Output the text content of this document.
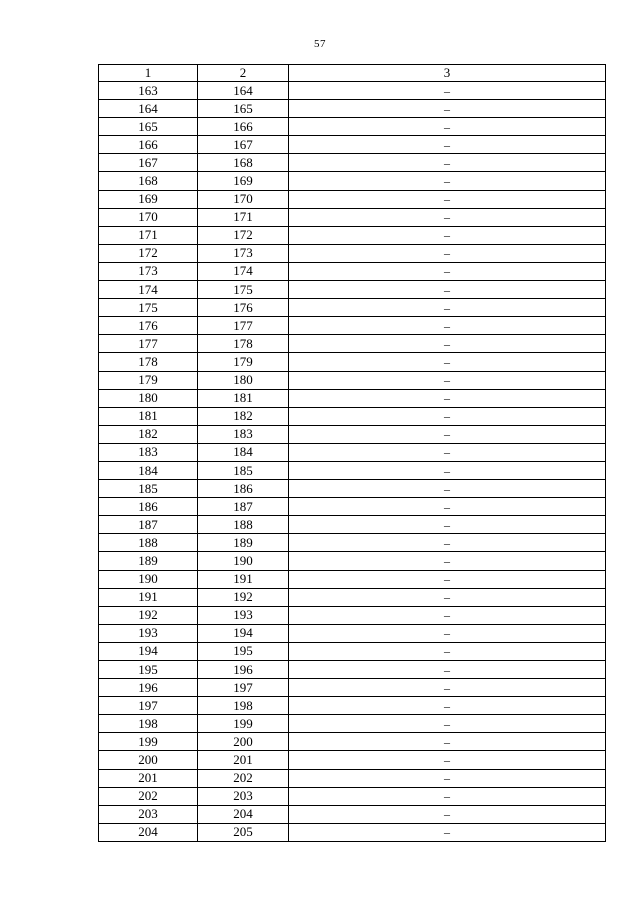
57
1	2	3
163	164	–
164	165	–
165	166	–
166	167	–
167	168	–
168	169	–
169	170	–
170	171	–
171	172	–
172	173	–
173	174	–
174	175	–
175	176	–
176	177	–
177	178	–
178	179	–
179	180	–
180	181	–
181	182	–
182	183	–
183	184	–
184	185	–
185	186	–
186	187	–
187	188	–
188	189	–
189	190	–
190	191	–
191	192	–
192	193	–
193	194	–
194	195	–
195	196	–
196	197	–
197	198	–
198	199	–
199	200	–
200	201	–
201	202	–
202	203	–
203	204	–
204	205	–
